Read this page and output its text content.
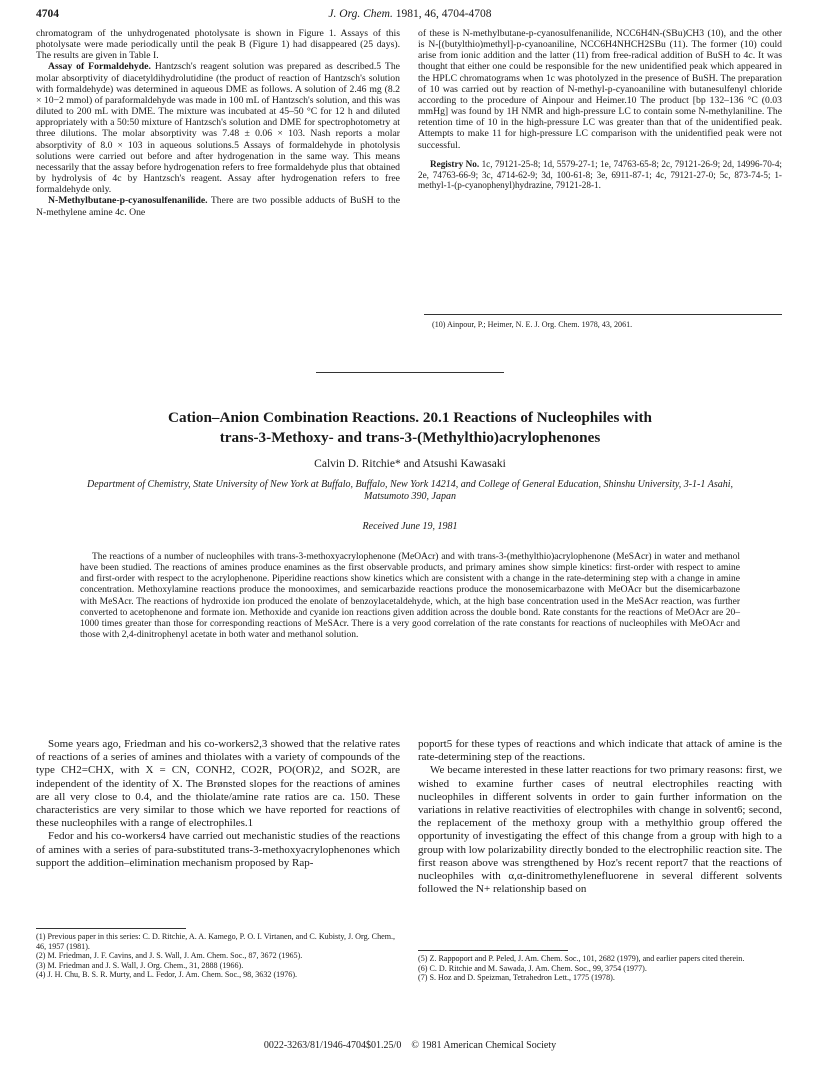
4704	J. Org. Chem. 1981, 46, 4704-4708

chromatogram of the unhydrogenated photolysate is shown in Figure 1. Assays of this photolysate were made periodically until the peak B (Figure 1) had disappeared (25 days). The results are given in Table I.

Assay of Formaldehyde. Hantzsch's reagent solution was prepared as described.5 The molar absorptivity of diacetyldihydrolutidine (the product of reaction of Hantzsch's solution with formaldehyde) was determined in aqueous DME as follows. A solution of 2.46 mg (8.2 × 10−2 mmol) of paraformaldehyde was made in 100 mL of Hantzsch's solution, and this was diluted to 200 mL with DME. The mixture was incubated at 45–50 °C for 12 h and diluted appropriately with a 50:50 mixture of Hantzsch's solution and DME for spectrophotometry at three dilutions. The molar absorptivity was 7.48 ± 0.06 × 103. Nash reports a molar absorptivity of 8.0 × 103 in aqueous solutions.5 Assays of formaldehyde in photolysis solutions were carried out before and after hydrogenation in the same way. This means necessarily that the assay before hydrogenation refers to free formaldehyde plus that obtained by hydrolysis of 4c by Hantzsch's reagent. Assay after hydrogenation refers to free formaldehyde only.

N-Methylbutane-p-cyanosulfenanilide. There are two possible adducts of BuSH to the N-methylene amine 4c. One

of these is N-methylbutane-p-cyanosulfenanilide, NCC6H4N-(SBu)CH3 (10), and the other is N-[(butylthio)methyl]-p-cyanoaniline, NCC6H4NHCH2SBu (11). The former (10) could arise from ionic addition and the latter (11) from free-radical addition of BuSH to 4c. It was thought that either one could be responsible for the new unidentified peak which appeared in the HPLC chromatograms when 1c was photolyzed in the presence of BuSH. The preparation of 10 was carried out by reaction of N-methyl-p-cyanoaniline with butanesulfenyl chloride according to the procedure of Ainpour and Heimer.10 The product [bp 132–136 °C (0.03 mmHg] was found by 1H NMR and high-pressure LC to contain some N-methylaniline. The retention time of 10 in the high-pressure LC was greater than that of the unidentified peak. Attempts to make 11 for high-pressure LC comparison with the unidentified peak were not successful.

Registry No. 1c, 79121-25-8; 1d, 5579-27-1; 1e, 74763-65-8; 2c, 79121-26-9; 2d, 14996-70-4; 2e, 74763-66-9; 3c, 4714-62-9; 3d, 100-61-8; 3e, 6911-87-1; 4c, 79121-27-0; 5c, 873-74-5; 1-methyl-1-(p-cyanophenyl)hydrazine, 79121-28-1.

(10) Ainpour, P.; Heimer, N. E. J. Org. Chem. 1978, 43, 2061.
Cation–Anion Combination Reactions. 20.1 Reactions of Nucleophiles with
trans-3-Methoxy- and trans-3-(Methylthio)acrylophenones
Calvin D. Ritchie* and Atsushi Kawasaki
Department of Chemistry, State University of New York at Buffalo, Buffalo, New York 14214, and College of General Education, Shinshu University, 3-1-1 Asahi, Matsumoto 390, Japan
Received June 19, 1981
The reactions of a number of nucleophiles with trans-3-methoxyacrylophenone (MeOAcr) and with trans-3-(methylthio)acrylophenone (MeSAcr) in water and methanol have been studied. The reactions of amines produce enamines as the first observable products, and primary amines show simple kinetics: first-order with respect to amine and first-order with respect to the acrylophenone. Piperidine reactions show kinetics which are consistent with a change in the rate-determining step with a change in amine concentration. Methoxylamine reactions produce the monooximes, and semicarbazide reactions produce the monosemicarbazone with MeOAcr but the disemicarbazone with MeSAcr. The reactions of hydroxide ion produced the enolate of benzoylacetaldehyde, which, at the high base concentration used in the MeSAcr reaction, was further converted to acetophenone and formate ion. Methoxide and cyanide ion reactions given addition across the double bond. Rate constants for the reactions of MeOAcr are 20–1000 times greater than those for corresponding reactions of MeSAcr. There is a very good correlation of the rate constants for reactions of nucleophiles with MeOAcr and those with 2,4-dinitrophenyl acetate in both water and methanol solution.

Some years ago, Friedman and his co-workers2,3 showed that the relative rates of reactions of a series of amines and thiolates with a variety of compounds of the type CH2=CHX, with X = CN, CONH2, CO2R, PO(OR)2, and SO2R, are independent of the identity of X. The Brønsted slopes for the reactions of amines are all very close to 0.4, and the thiolate/amine rate ratios are ca. 150. These characteristics are very similar to those which we have reported for reactions of these nucleophiles with a range of electrophiles.1

Fedor and his co-workers4 have carried out mechanistic studies of the reactions of amines with a series of para-substituted trans-3-methoxyacrylophenones which support the addition–elimination mechanism proposed by Rap-

poport5 for these types of reactions and which indicate that attack of amine is the rate-determining step of the reactions.

We became interested in these latter reactions for two primary reasons: first, we wished to examine further cases of neutral electrophiles reacting with nucleophiles in different solvents in order to gain further information on the variations in relative reactivities of electrophiles with change in solvent6; second, the replacement of the methoxy group with a methylthio group offered the opportunity of investigating the effect of this change from a group with high to a group with low polarizability directly bonded to the electrophilic reaction site. The first reason above was strengthened by Hoz's recent report7 that the reactions of nucleophiles with α,α-dinitromethylenefluorene in several different solvents followed the N+ relationship based on

(1) Previous paper in this series: C. D. Ritchie, A. A. Kamego, P. O. I. Virtanen, and C. Kubisty, J. Org. Chem., 46, 1957 (1981).

(2) M. Friedman, J. F. Cavins, and J. S. Wall, J. Am. Chem. Soc., 87, 3672 (1965).

(3) M. Friedman and J. S. Wall, J. Org. Chem., 31, 2888 (1966).

(4) J. H. Chu, B. S. R. Murty, and L. Fedor, J. Am. Chem. Soc., 98, 3632 (1976).

(5) Z. Rappoport and P. Peled, J. Am. Chem. Soc., 101, 2682 (1979), and earlier papers cited therein.

(6) C. D. Ritchie and M. Sawada, J. Am. Chem. Soc., 99, 3754 (1977).

(7) S. Hoz and D. Speizman, Tetrahedron Lett., 1775 (1978).

0022-3263/81/1946-4704$01.25/0 © 1981 American Chemical Society
